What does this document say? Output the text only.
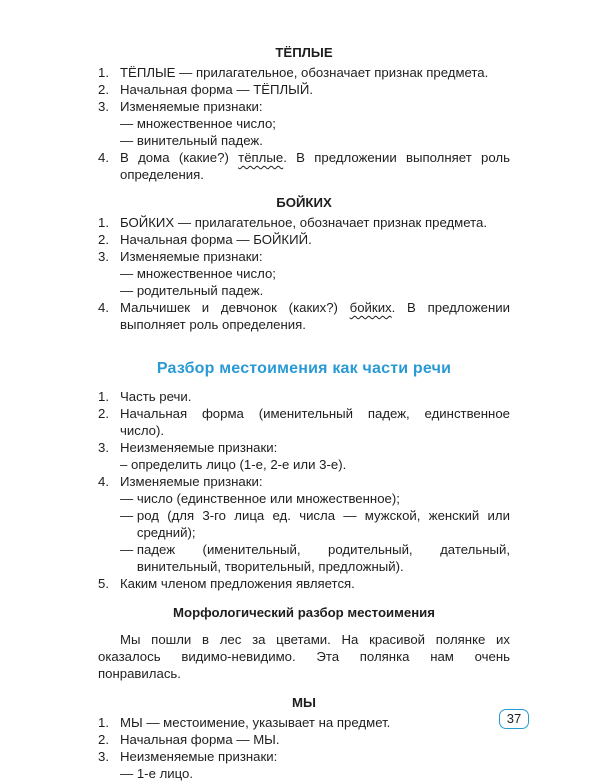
ТЁПЛЫЕ

1. ТЁПЛЫЕ — прилагательное, обозначает признак предмета.
2. Начальная форма — ТЁПЛЫЙ.
3. Изменяемые признаки:
— множественное число;
— винительный падеж.
4. В дома (какие?) тёплые. В предложении выполняет роль определения.

БОЙКИХ

1. БОЙКИХ — прилагательное, обозначает признак предмета.
2. Начальная форма — БОЙКИЙ.
3. Изменяемые признаки:
— множественное число;
— родительный падеж.
4. Мальчишек и девчонок (каких?) бойких. В предложении выполняет роль определения.

Разбор местоимения как части речи

1. Часть речи.
2. Начальная форма (именительный падеж, единственное число).
3. Неизменяемые признаки:
– определить лицо (1-е, 2-е или 3-е).
4. Изменяемые признаки:
— число (единственное или множественное);
— род (для 3-го лица ед. числа — мужской, женский или средний);
— падеж (именительный, родительный, дательный, винительный, творительный, предложный).
5. Каким членом предложения является.

Морфологический разбор местоимения

Мы пошли в лес за цветами. На красивой полянке их оказалось видимо-невидимо. Эта полянка нам очень понравилась.

МЫ

1. МЫ — местоимение, указывает на предмет.
2. Начальная форма — МЫ.
3. Неизменяемые признаки:
— 1-е лицо.
37
